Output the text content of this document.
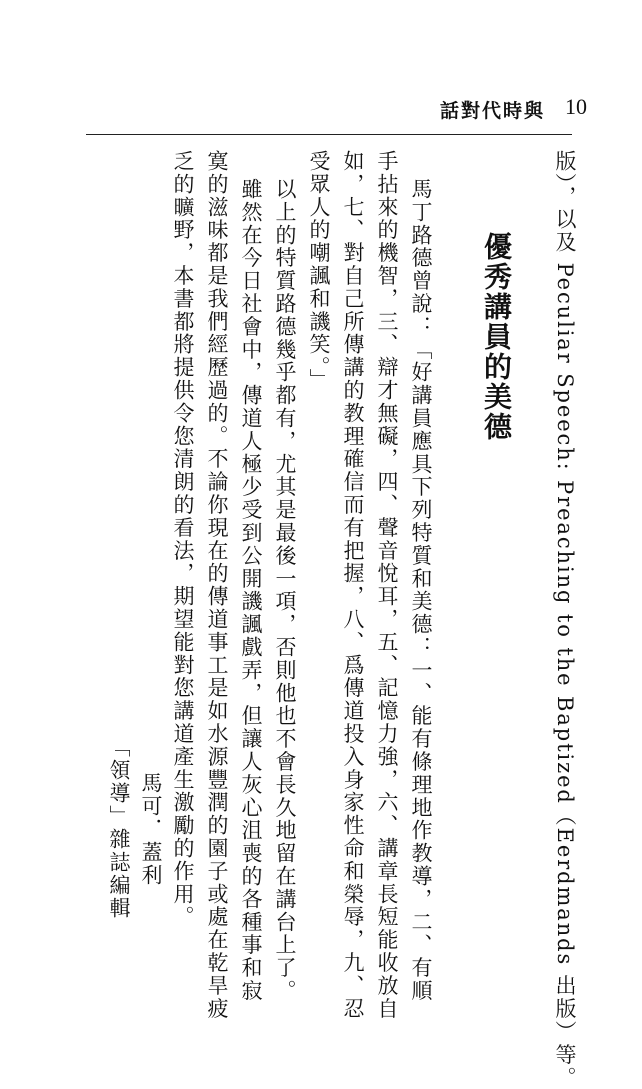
話對代時與 10
版），以及 Peculiar Speech: Preaching to the Baptized（Eerdmands 出版）等。
優秀講員的美德
馬丁路德曾說：「好講員應具下列特質和美德：一、能有條理地作教導，二、有順
手拈來的機智，三、辯才無礙，四、聲音悅耳，五、記憶力強，六、講章長短能收放自
如，七、對自己所傳講的教理確信而有把握，八、爲傳道投入身家性命和榮辱，九、忍
受眾人的嘲諷和譏笑。」
以上的特質路德幾乎都有，尤其是最後一項，否則他也不會長久地留在講台上了。
雖然在今日社會中，傳道人極少受到公開譏諷戲弄，但讓人灰心沮喪的各種事和寂
寞的滋味都是我們經歷過的。不論你現在的傳道事工是如水源豐潤的園子或處在乾旱疲
乏的曠野，本書都將提供令您清朗的看法，期望能對您講道產生激勵的作用。
馬可．蓋利
「領導」雜誌編輯
